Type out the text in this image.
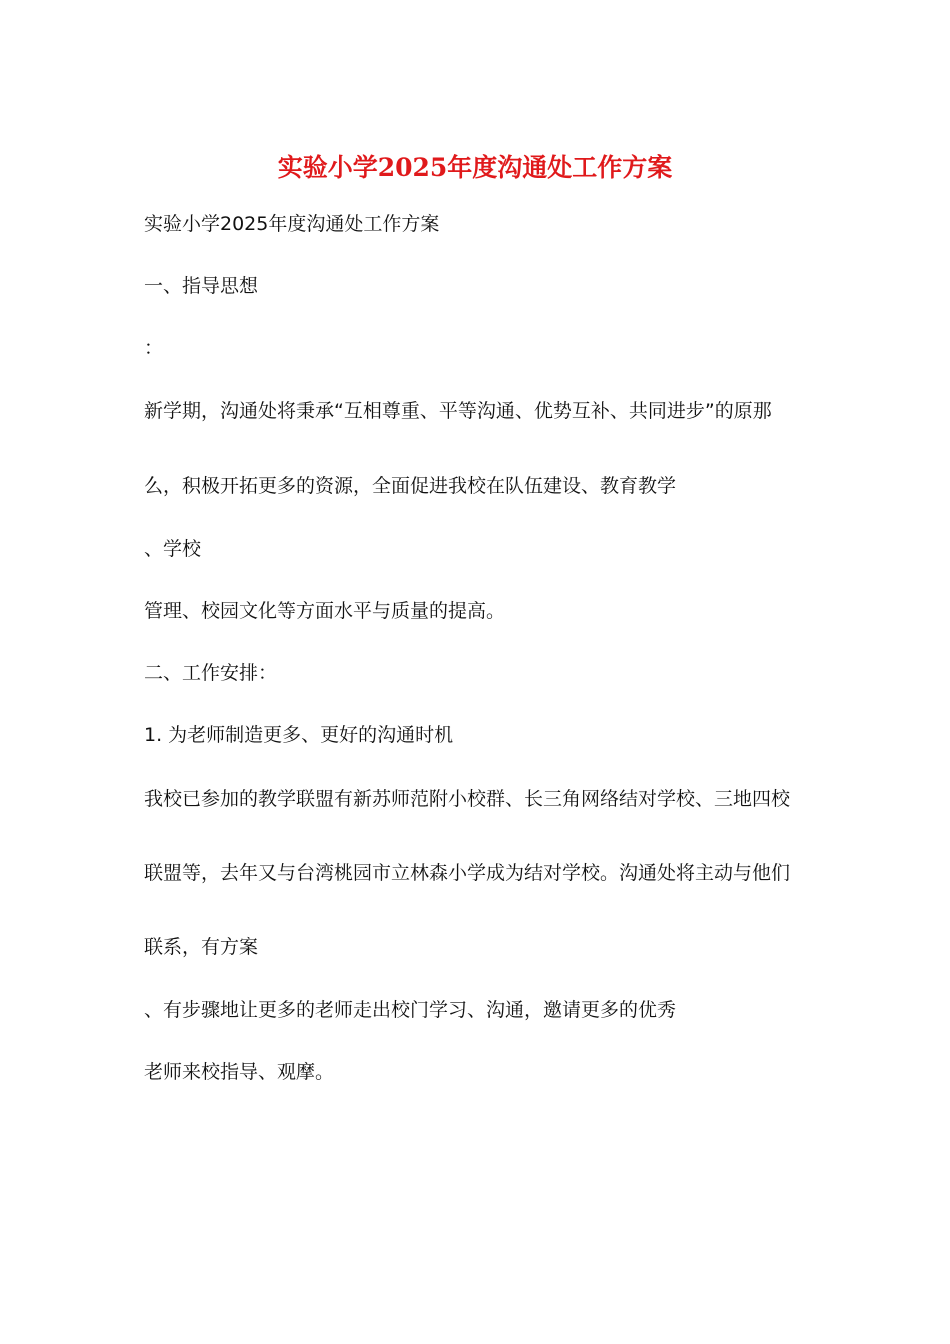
实验小学2025年度沟通处工作方案
实验小学2025年度沟通处工作方案
一、指导思想
：
新学期，沟通处将秉承“互相尊重、平等沟通、优势互补、共同进步”的原那
么，积极开拓更多的资源，全面促进我校在队伍建设、教育教学
、学校
管理、校园文化等方面水平与质量的提高。
二、工作安排：
1. 为老师制造更多、更好的沟通时机
我校已参加的教学联盟有新苏师范附小校群、长三角网络结对学校、三地四校
联盟等，去年又与台湾桃园市立林森小学成为结对学校。沟通处将主动与他们
联系，有方案
、有步骤地让更多的老师走出校门学习、沟通，邀请更多的优秀
老师来校指导、观摩。
